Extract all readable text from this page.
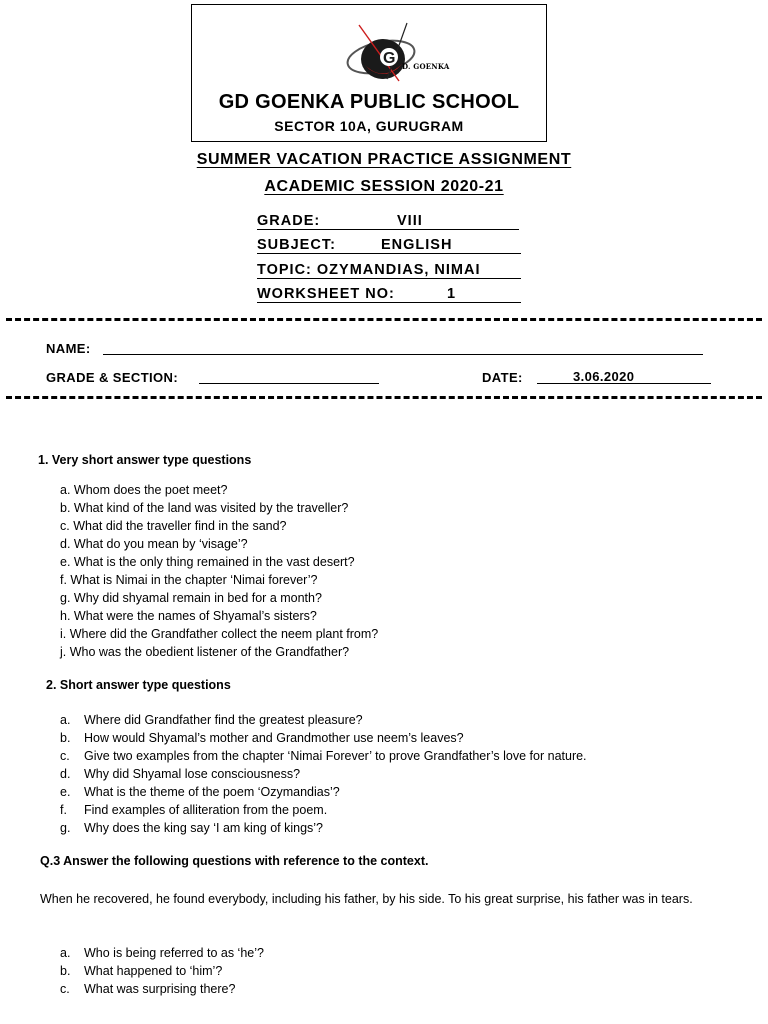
G D. GOENKA
GD GOENKA PUBLIC SCHOOL
SECTOR 10A, GURUGRAM
SUMMER VACATION PRACTICE ASSIGNMENT
ACADEMIC SESSION 2020-21
GRADE:	VIII
SUBJECT:	ENGLISH
TOPIC: OZYMANDIAS, NIMAI
WORKSHEET NO:	1
NAME:
GRADE & SECTION:	DATE:	3.06.2020
1. Very short answer type questions
a. Whom does the poet meet?
b. What kind of the land was visited by the traveller?
c. What did the traveller find in the sand?
d. What do you mean by ‘visage’?
e. What is the only thing remained in the vast desert?
f. What is Nimai in the chapter ‘Nimai forever’?
g. Why did shyamal remain in bed for a month?
h. What were the names of Shyamal’s sisters?
i. Where did the Grandfather collect the neem plant from?
j. Who was the obedient listener of the Grandfather?
2. Short answer type questions
a. Where did Grandfather find the greatest pleasure?
b. How would Shyamal’s mother and Grandmother use neem’s leaves?
c. Give two examples from the chapter ‘Nimai Forever’ to prove Grandfather’s love for nature.
d. Why did Shyamal lose consciousness?
e. What is the theme of the poem ‘Ozymandias’?
f. Find examples of alliteration from the poem.
g. Why does the king say ‘I am king of kings’?
Q.3 Answer the following questions with reference to the context.
When he recovered, he found everybody, including his father, by his side. To his great surprise, his father was in tears.
a. Who is being referred to as ‘he’?
b. What happened to ‘him’?
c. What was surprising there?
